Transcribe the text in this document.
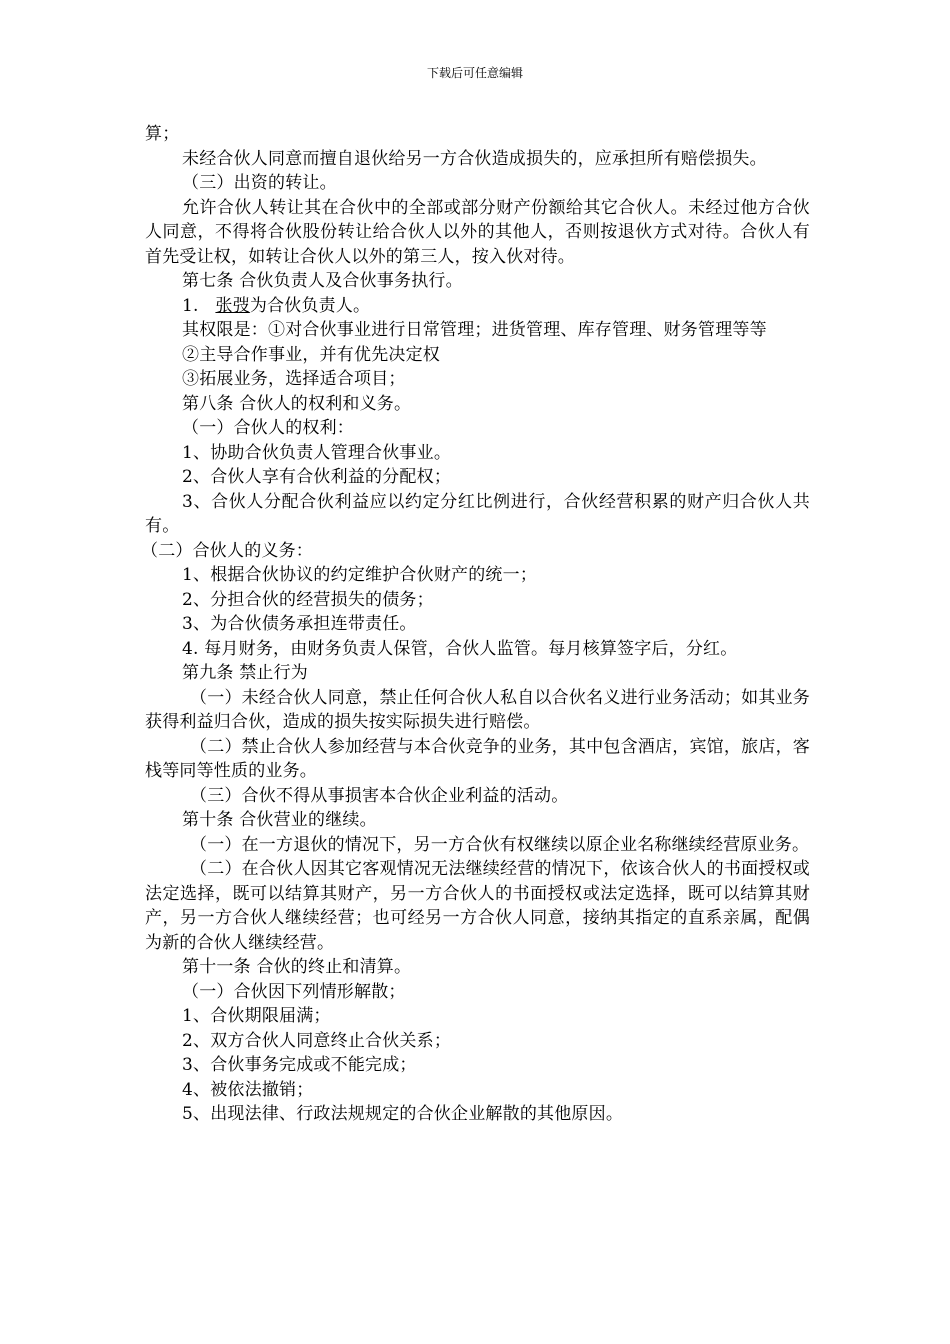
下载后可任意编辑

算；

未经合伙人同意而擅自退伙给另一方合伙造成损失的，应承担所有赔偿损失。

（三）出资的转让。

允许合伙人转让其在合伙中的全部或部分财产份额给其它合伙人。未经过他方合伙人同意，不得将合伙股份转让给合伙人以外的其他人，否则按退伙方式对待。合伙人有首先受让权，如转让合伙人以外的第三人，按入伙对待。

第七条 合伙负责人及合伙事务执行。

1.   张弢为合伙负责人。

其权限是：①对合伙事业进行日常管理；进货管理、库存管理、财务管理等等

②主导合作事业，并有优先决定权

③拓展业务，选择适合项目；

第八条 合伙人的权利和义务。

（一）合伙人的权利：

1、协助合伙负责人管理合伙事业。

2、合伙人享有合伙利益的分配权；

3、合伙人分配合伙利益应以约定分红比例进行，合伙经营积累的财产归合伙人共有。

（二）合伙人的义务：

1、根据合伙协议的约定维护合伙财产的统一；

2、分担合伙的经营损失的债务；

3、为合伙债务承担连带责任。

4. 每月财务，由财务负责人保管，合伙人监管。每月核算签字后，分红。

第九条 禁止行为

（一）未经合伙人同意，禁止任何合伙人私自以合伙名义进行业务活动；如其业务获得利益归合伙，造成的损失按实际损失进行赔偿。

（二）禁止合伙人参加经营与本合伙竞争的业务，其中包含酒店，宾馆，旅店，客栈等同等性质的业务。

（三）合伙不得从事损害本合伙企业利益的活动。

第十条 合伙营业的继续。

（一）在一方退伙的情况下，另一方合伙有权继续以原企业名称继续经营原业务。

（二）在合伙人因其它客观情况无法继续经营的情况下，依该合伙人的书面授权或法定选择，既可以结算其财产，另一方合伙人的书面授权或法定选择，既可以结算其财产，另一方合伙人继续经营；也可经另一方合伙人同意，接纳其指定的直系亲属，配偶为新的合伙人继续经营。

第十一条 合伙的终止和清算。

（一）合伙因下列情形解散；

1、合伙期限届满；

2、双方合伙人同意终止合伙关系；

3、合伙事务完成或不能完成；

4、被依法撤销；

5、出现法律、行政法规规定的合伙企业解散的其他原因。
